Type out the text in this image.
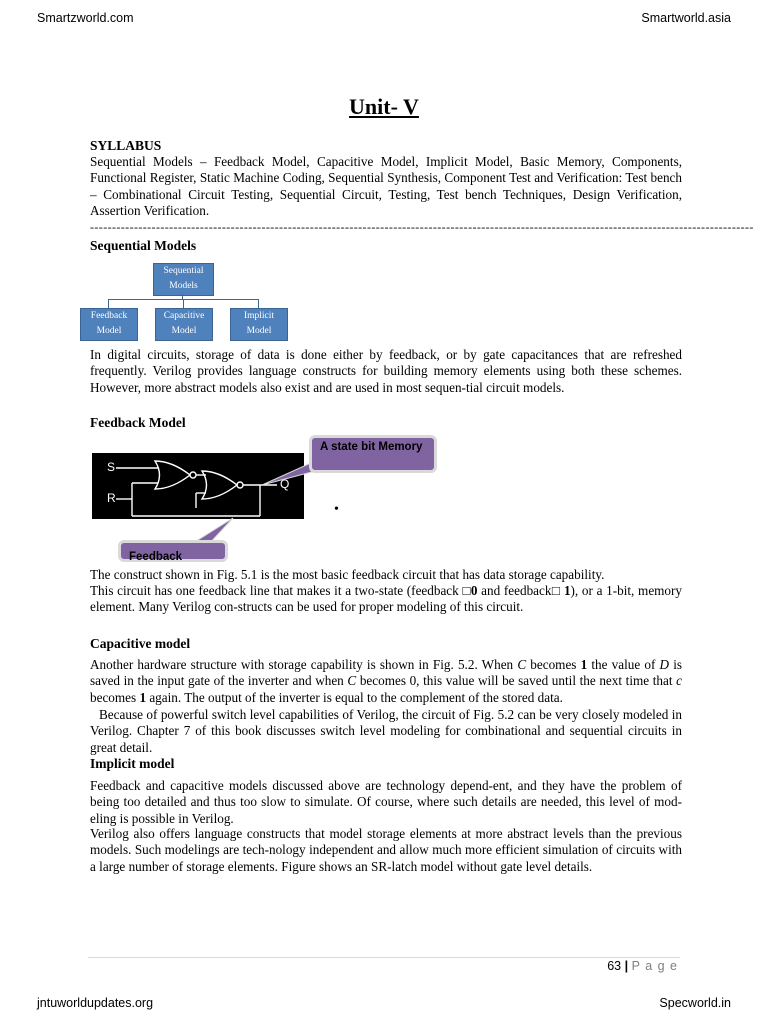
Smartzworld.com	Smartworld.asia
Unit- V
SYLLABUS

Sequential Models – Feedback Model, Capacitive Model, Implicit Model, Basic Memory, Components, Functional Register, Static Machine Coding, Sequential Synthesis, Component Test and Verification: Test bench – Combinational Circuit Testing, Sequential Circuit, Testing, Test bench Techniques, Design Verification, Assertion Verification.

-------------------------------------------------------------------------------------------------------------------------------------------------------
Sequential Models
Sequential
Models
Feedback
Model
Capacitive
Model
Implicit
Model

In digital circuits, storage of data is done either by feedback, or by gate capacitances that are refreshed frequently. Verilog provides language constructs for building memory elements using both these schemes. However, more abstract models also exist and are used in most sequen-tial circuit models.

Feedback Model
S
R
Q
A state bit Memory
Feedback
•

The construct shown in Fig. 5.1 is the most basic feedback circuit that has data storage capability.

This circuit has one feedback line that makes it a two-state (feedback □0 and feedback□ 1), or a 1-bit, memory element. Many Verilog con-structs can be used for proper modeling of this circuit.

Capacitive model

Another hardware structure with storage capability is shown in Fig. 5.2. When C becomes 1 the value of D is saved in the input gate of the inverter and when C becomes 0, this value will be saved until the next time that c becomes 1 again. The output of the inverter is equal to the complement of the stored data.

Because of powerful switch level capabilities of Verilog, the circuit of Fig. 5.2 can be very closely modeled in Verilog. Chapter 7 of this book discusses switch level modeling for combinational and sequential circuits in great detail.

Implicit model

Feedback and capacitive models discussed above are technology depend-ent, and they have the problem of being too detailed and thus too slow to simulate. Of course, where such details are needed, this level of mod-eling is possible in Verilog.

Verilog also offers language constructs that model storage elements at more abstract levels than the previous models. Such modelings are tech-nology independent and allow much more efficient simulation of circuits with a large number of storage elements. Figure shows an SR-latch model without gate level details.

63 | P a g e
jntuworldupdates.org	Specworld.in
